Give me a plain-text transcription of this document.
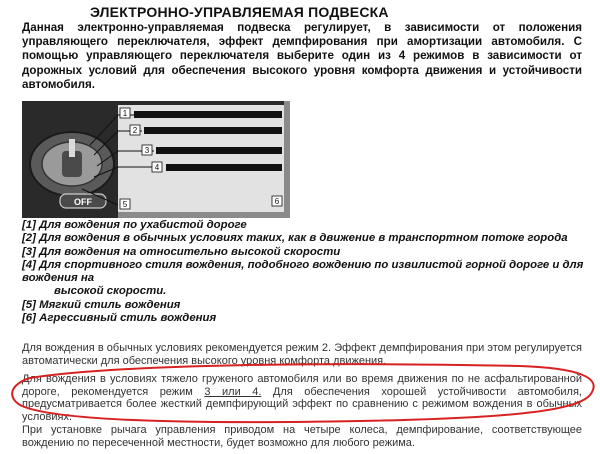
ЭЛЕКТРОННО-УПРАВЛЯЕМАЯ ПОДВЕСКА
Данная электронно-управляемая подвеска регулирует, в зависимости от положения управляющего переключателя, эффект демпфирования при амортизации автомобиля. С помощью управляющего переключателя выберите один из 4 режимов в зависимости от дорожных условий для обеспечения высокого уровня комфорта движения и устойчивости автомобиля.
OFF
1
2
3
4
5	6

[1] Для вождения по ухабистой дороге

[2] Для вождения в обычных условиях таких, как в движение в транспортном потоке города

[3] Для вождения на относительно высокой скорости

[4] Для спортивного стиля вождения, подобного вождению по извилистой горной дороге и для вождения на
высокой скорости.

[5] Мягкий стиль вождения

[6] Агрессивный стиль вождения

Для вождения в обычных условиях рекомендуется режим 2. Эффект демпфирования при этом регулируется автоматически для обеспечения высокого уровня комфорта движения.
Для вождения в условиях тяжело груженого автомобиля или во время движения по не асфальтированной дороге, рекомендуется режим 3 или 4. Для обеспечения хорошей устойчивости автомобиля, предусматривается более жесткий демпфирующий эффект по сравнению с режимом вождения в обычных условиях.
При установке рычага управления приводом на четыре колеса, демпфирование, соответствующее вождению по пересеченной местности, будет возможно для любого режима.
